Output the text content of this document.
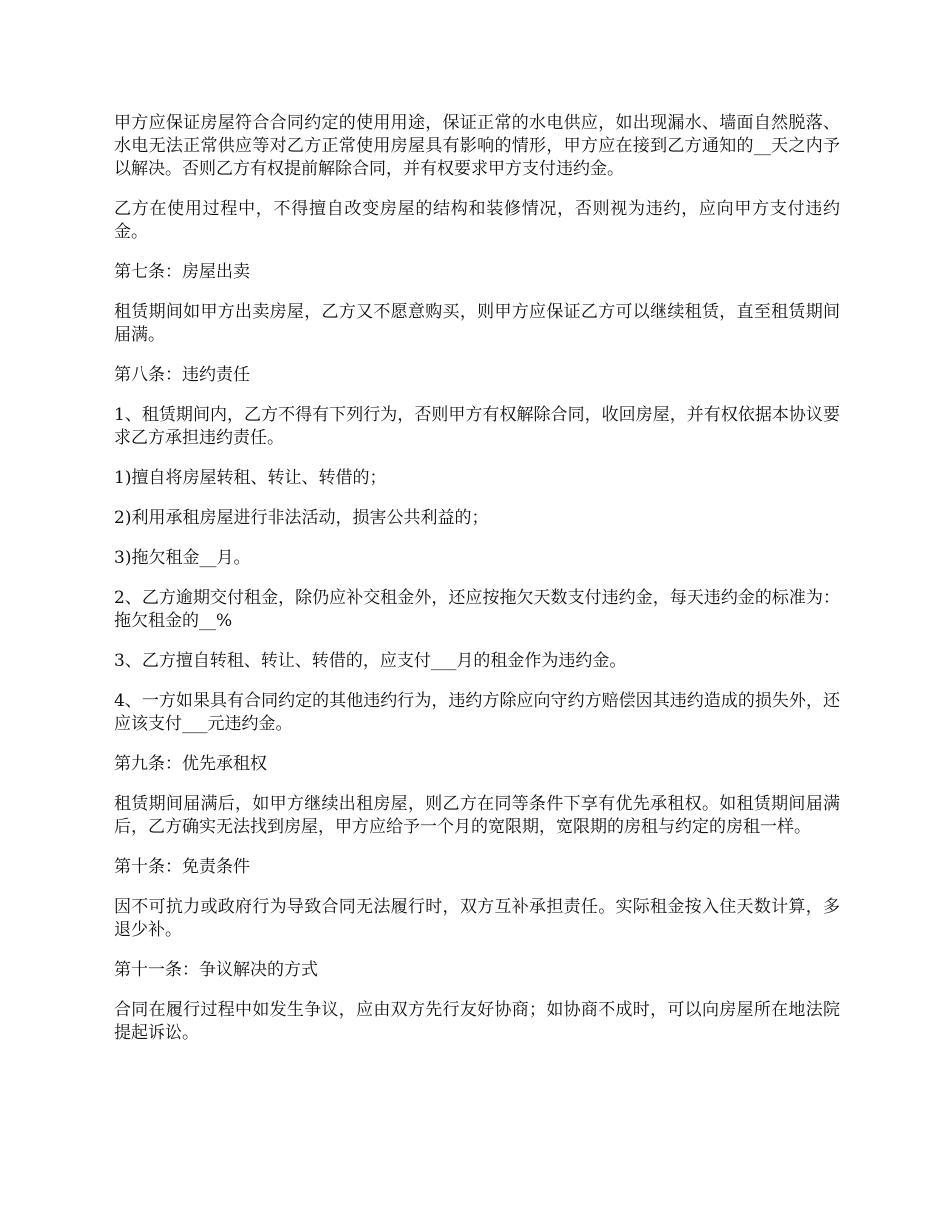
甲方应保证房屋符合合同约定的使用用途，保证正常的水电供应，如出现漏水、墙面自然脱落、水电无法正常供应等对乙方正常使用房屋具有影响的情形，甲方应在接到乙方通知的__天之内予以解决。否则乙方有权提前解除合同，并有权要求甲方支付违约金。

乙方在使用过程中，不得擅自改变房屋的结构和装修情况，否则视为违约，应向甲方支付违约金。

第七条：房屋出卖

租赁期间如甲方出卖房屋，乙方又不愿意购买，则甲方应保证乙方可以继续租赁，直至租赁期间届满。

第八条：违约责任

1、租赁期间内，乙方不得有下列行为，否则甲方有权解除合同，收回房屋，并有权依据本协议要求乙方承担违约责任。

1)擅自将房屋转租、转让、转借的；

2)利用承租房屋进行非法活动，损害公共利益的；

3)拖欠租金__月。

2、乙方逾期交付租金，除仍应补交租金外，还应按拖欠天数支付违约金，每天违约金的标准为：拖欠租金的__%

3、乙方擅自转租、转让、转借的，应支付___月的租金作为违约金。

4、一方如果具有合同约定的其他违约行为，违约方除应向守约方赔偿因其违约造成的损失外，还应该支付___元违约金。

第九条：优先承租权

租赁期间届满后，如甲方继续出租房屋，则乙方在同等条件下享有优先承租权。如租赁期间届满后，乙方确实无法找到房屋，甲方应给予一个月的宽限期，宽限期的房租与约定的房租一样。

第十条：免责条件

因不可抗力或政府行为导致合同无法履行时，双方互补承担责任。实际租金按入住天数计算，多退少补。

第十一条：争议解决的方式

合同在履行过程中如发生争议，应由双方先行友好协商；如协商不成时，可以向房屋所在地法院提起诉讼。
